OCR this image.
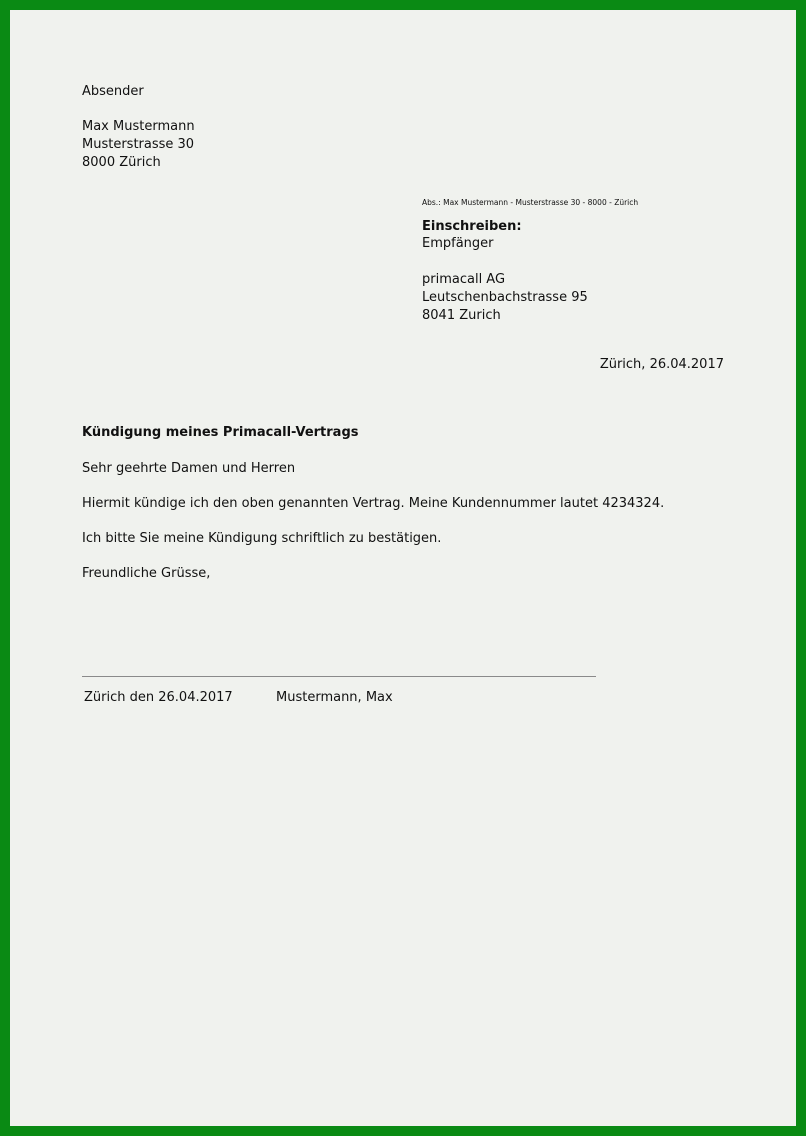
Absender
Max Mustermann
Musterstrasse 30
8000 Zürich
Abs.: Max Mustermann - Musterstrasse 30 - 8000 - Zürich
Einschreiben:
Empfänger
primacall AG
Leutschenbachstrasse 95
8041 Zurich
Zürich, 26.04.2017
Kündigung meines Primacall-Vertrags
Sehr geehrte Damen und Herren
Hiermit kündige ich den oben genannten Vertrag. Meine Kundennummer lautet 4234324.
Ich bitte Sie meine Kündigung schriftlich zu bestätigen.
Freundliche Grüsse,
Zürich den 26.04.2017	Mustermann, Max
